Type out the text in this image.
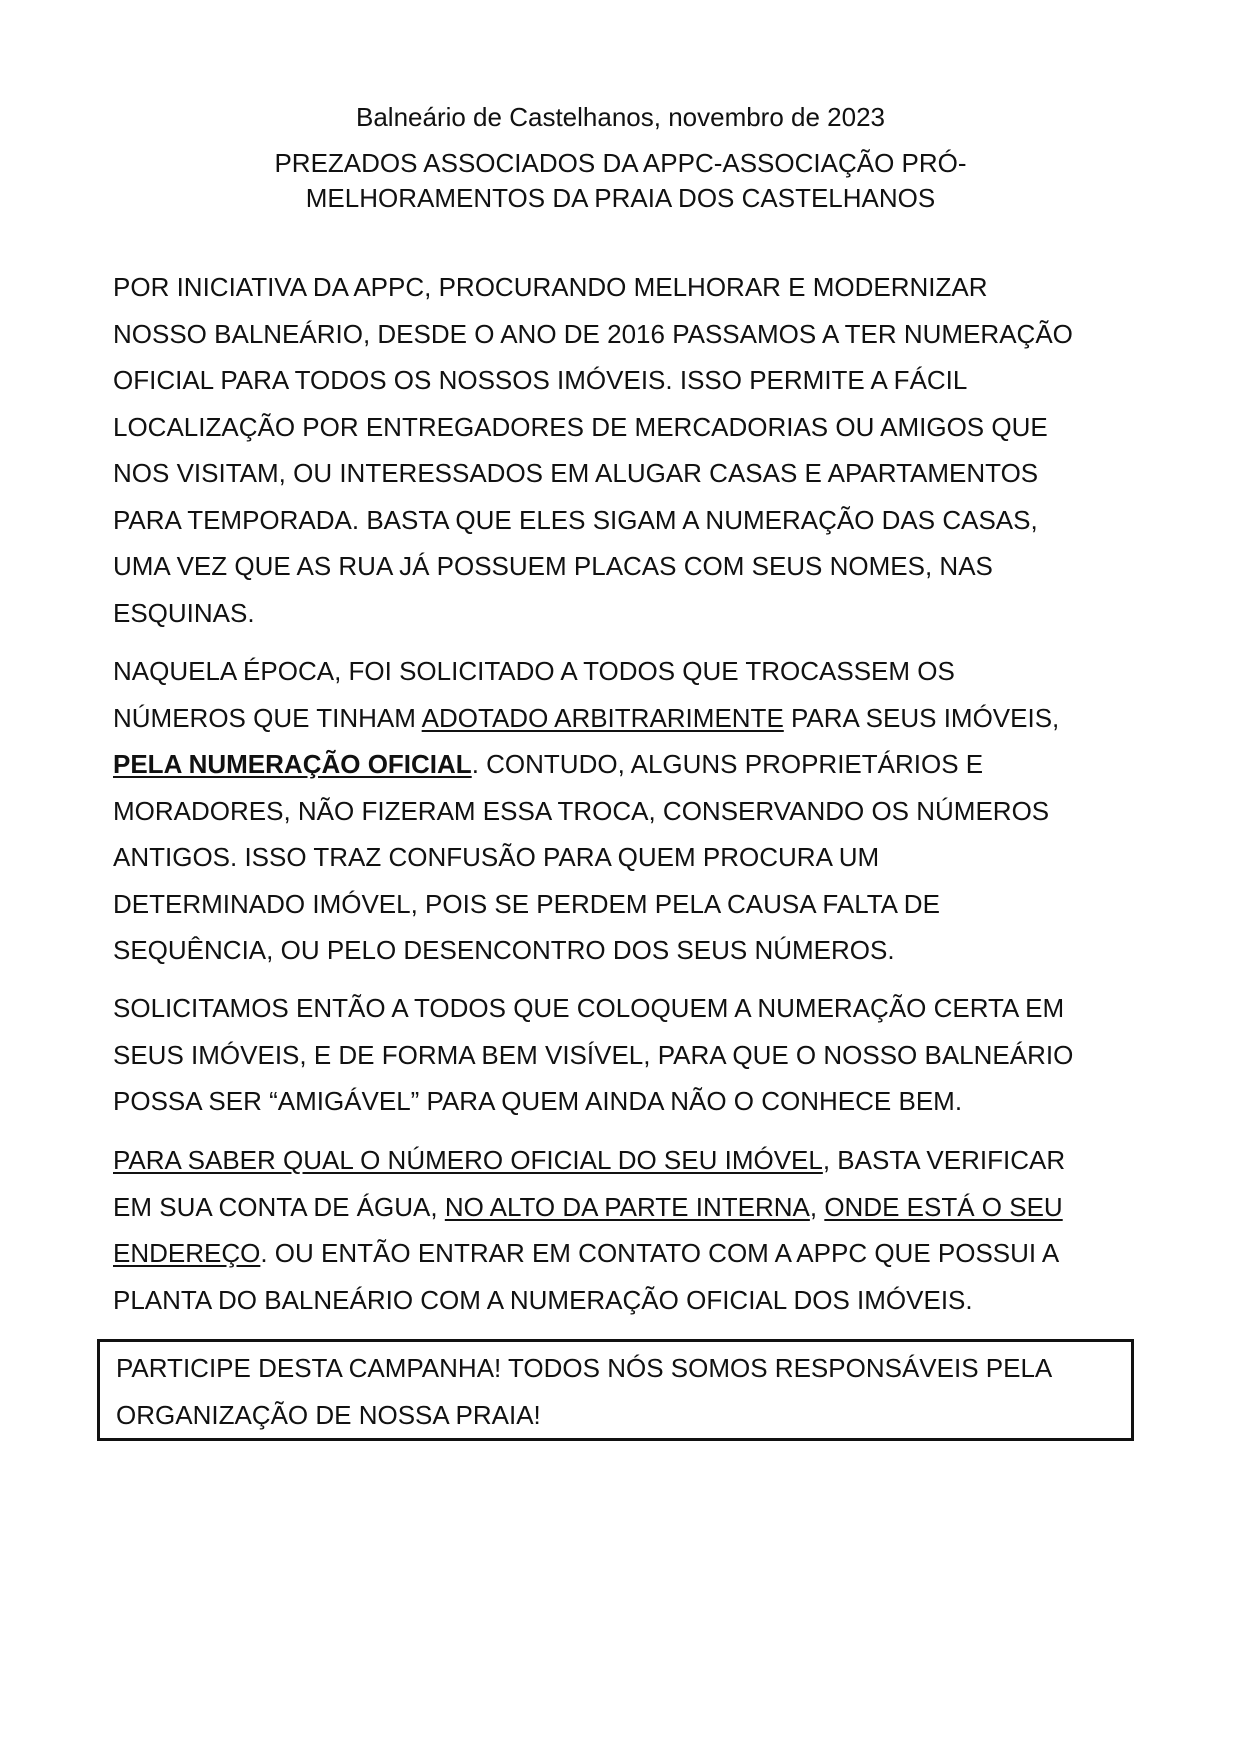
Balneário de Castelhanos, novembro de 2023
PREZADOS ASSOCIADOS DA APPC-ASSOCIAÇÃO PRÓ-
MELHORAMENTOS DA PRAIA DOS CASTELHANOS
POR INICIATIVA DA APPC, PROCURANDO MELHORAR E MODERNIZAR
NOSSO BALNEÁRIO, DESDE O ANO DE 2016 PASSAMOS A TER NUMERAÇÃO
OFICIAL PARA TODOS OS NOSSOS IMÓVEIS. ISSO PERMITE A FÁCIL
LOCALIZAÇÃO POR ENTREGADORES DE MERCADORIAS OU AMIGOS QUE
NOS VISITAM, OU INTERESSADOS EM ALUGAR CASAS E APARTAMENTOS
PARA TEMPORADA. BASTA QUE ELES SIGAM A NUMERAÇÃO DAS CASAS,
UMA VEZ QUE AS RUA JÁ POSSUEM PLACAS COM SEUS NOMES, NAS
ESQUINAS.
NAQUELA ÉPOCA, FOI SOLICITADO A TODOS QUE TROCASSEM OS
NÚMEROS QUE TINHAM ADOTADO ARBITRARIMENTE PARA SEUS IMÓVEIS,
PELA NUMERAÇÃO OFICIAL. CONTUDO, ALGUNS PROPRIETÁRIOS E
MORADORES, NÃO FIZERAM ESSA TROCA, CONSERVANDO OS NÚMEROS
ANTIGOS. ISSO TRAZ CONFUSÃO PARA QUEM PROCURA UM
DETERMINADO IMÓVEL, POIS SE PERDEM PELA CAUSA FALTA DE
SEQUÊNCIA, OU PELO DESENCONTRO DOS SEUS NÚMEROS.
SOLICITAMOS ENTÃO A TODOS QUE COLOQUEM A NUMERAÇÃO CERTA EM
SEUS IMÓVEIS, E DE FORMA BEM VISÍVEL, PARA QUE O NOSSO BALNEÁRIO
POSSA SER “AMIGÁVEL” PARA QUEM AINDA NÃO O CONHECE BEM.
PARA SABER QUAL O NÚMERO OFICIAL DO SEU IMÓVEL, BASTA VERIFICAR
EM SUA CONTA DE ÁGUA, NO ALTO DA PARTE INTERNA, ONDE ESTÁ O SEU
ENDEREÇO. OU ENTÃO ENTRAR EM CONTATO COM A APPC QUE POSSUI A
PLANTA DO BALNEÁRIO COM A NUMERAÇÃO OFICIAL DOS IMÓVEIS.
PARTICIPE DESTA CAMPANHA! TODOS NÓS SOMOS RESPONSÁVEIS PELA
ORGANIZAÇÃO DE NOSSA PRAIA!
